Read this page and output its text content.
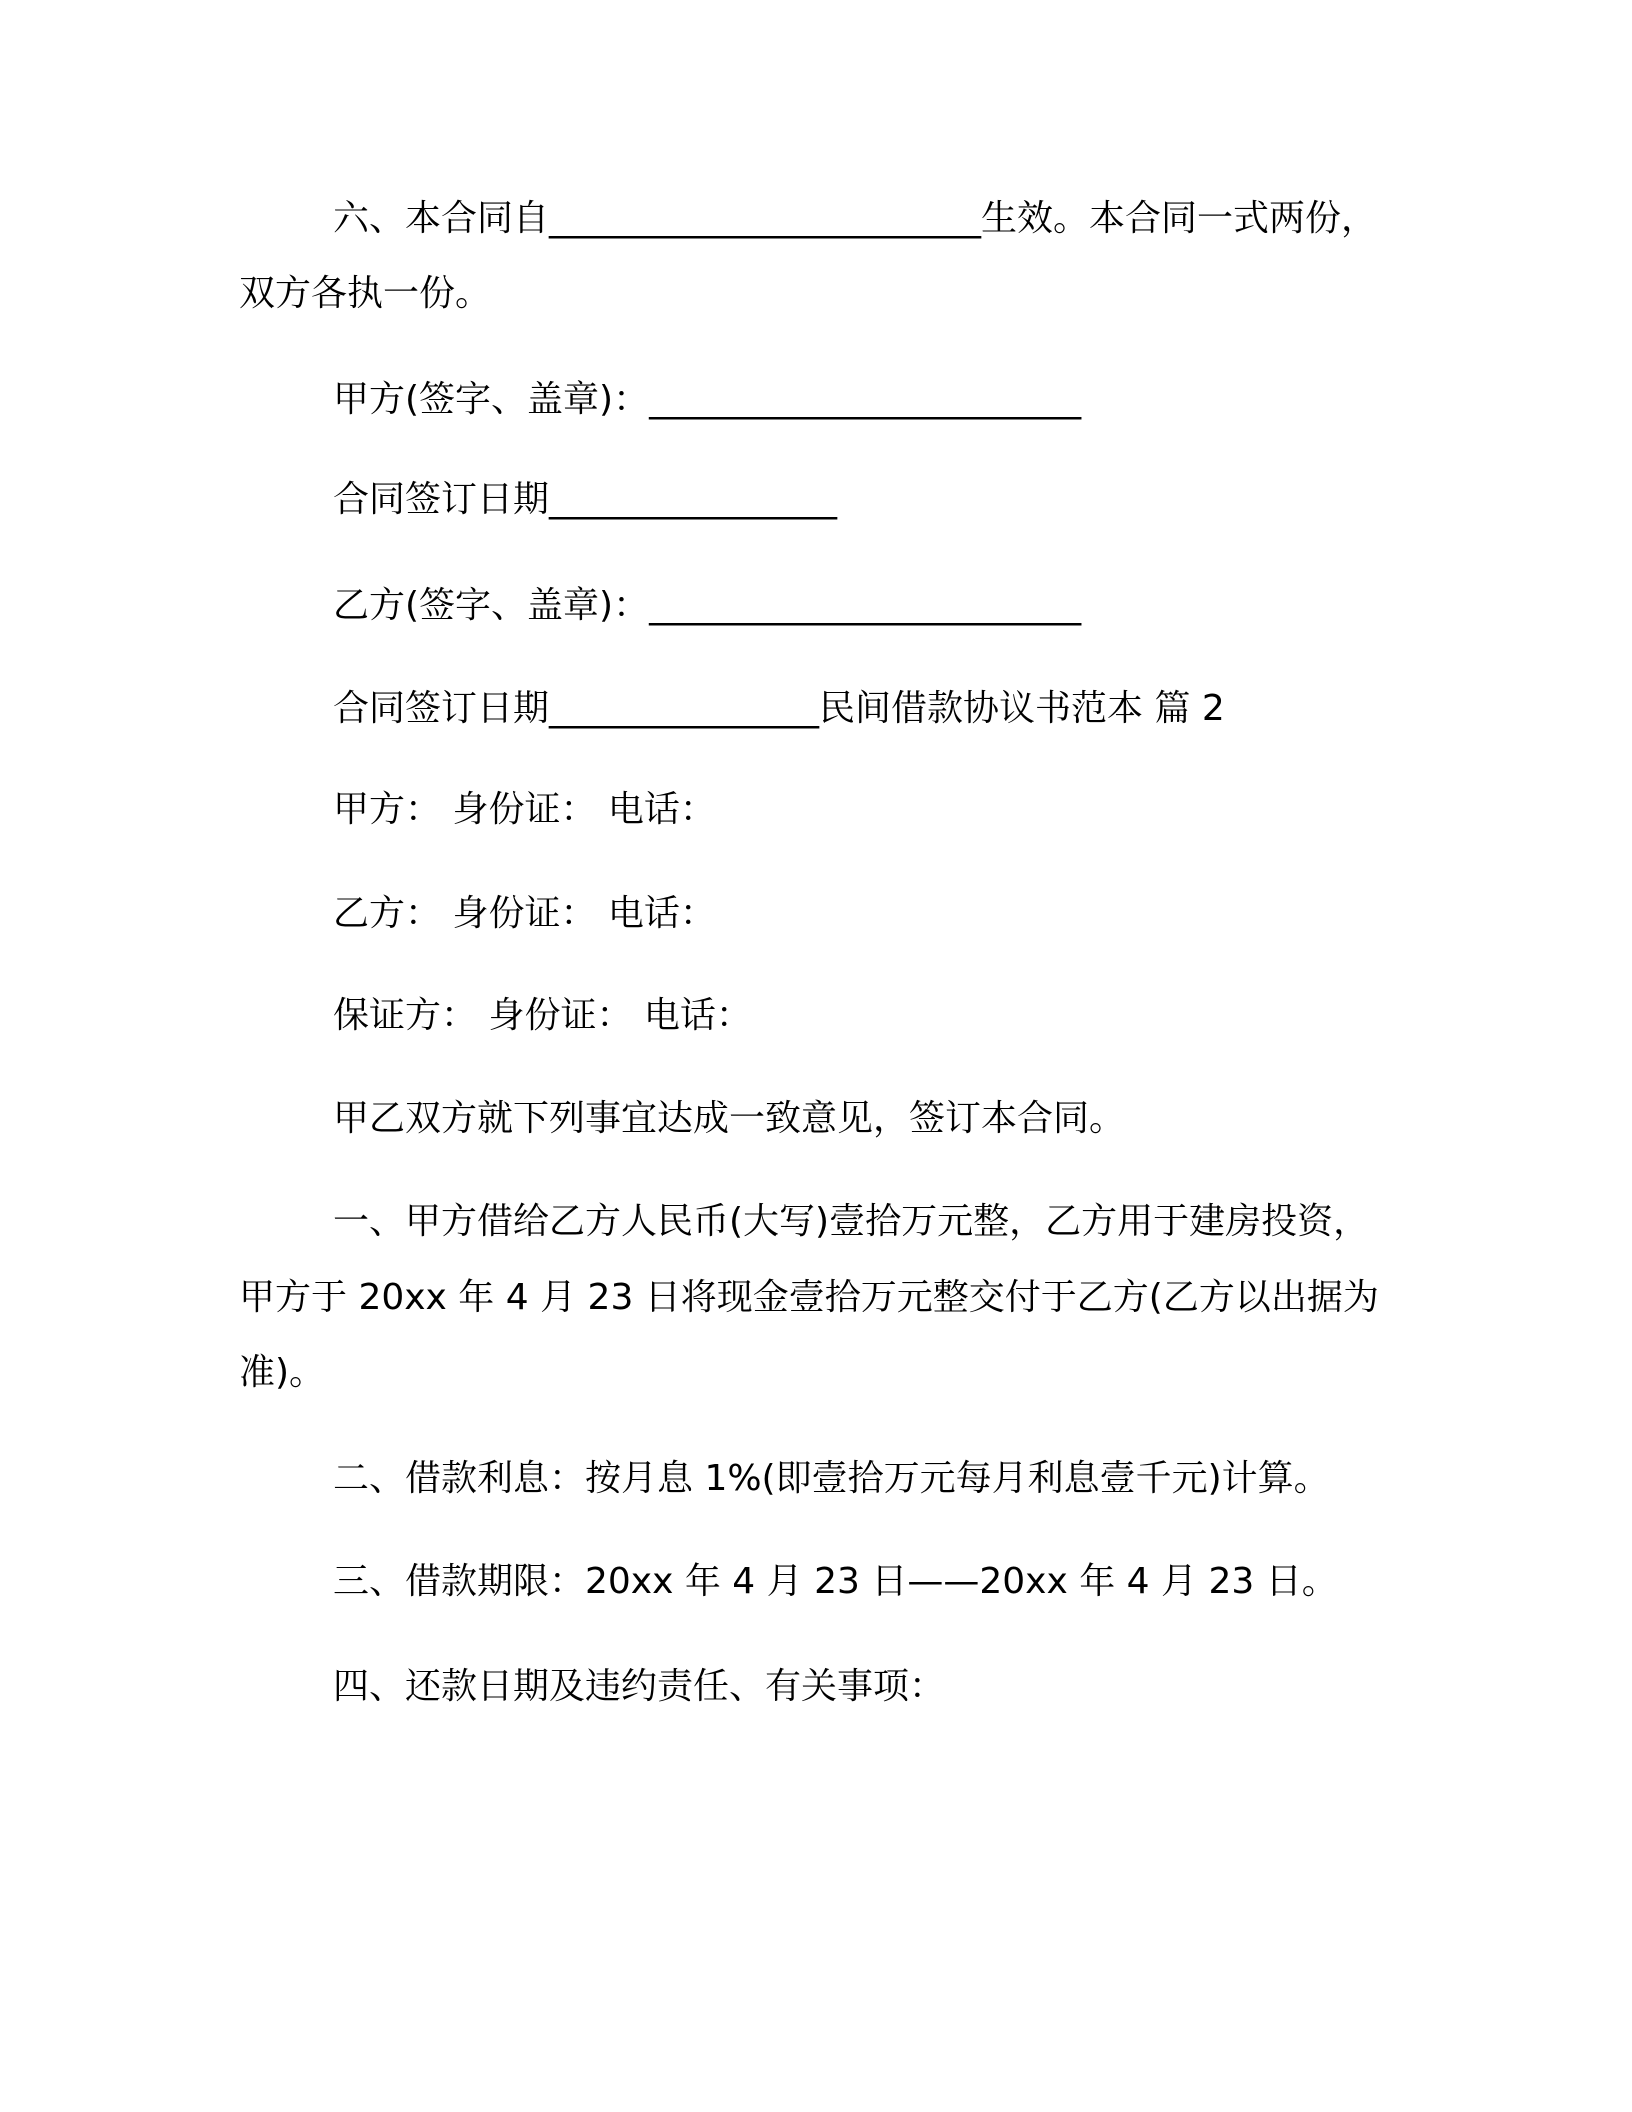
六、本合同自________________________生效。本合同一式两份，
双方各执一份。
甲方(签字、盖章)：________________________
合同签订日期________________
乙方(签字、盖章)：________________________
合同签订日期_______________民间借款协议书范本 篇 2
甲方： 身份证： 电话：
乙方： 身份证： 电话：
保证方： 身份证： 电话：
甲乙双方就下列事宜达成一致意见，签订本合同。
一、甲方借给乙方人民币(大写)壹拾万元整，乙方用于建房投资，
甲方于 20xx 年 4 月 23 日将现金壹拾万元整交付于乙方(乙方以出据为
准)。
二、借款利息：按月息 1%(即壹拾万元每月利息壹千元)计算。
三、借款期限：20xx 年 4 月 23 日——20xx 年 4 月 23 日。
四、还款日期及违约责任、有关事项：
